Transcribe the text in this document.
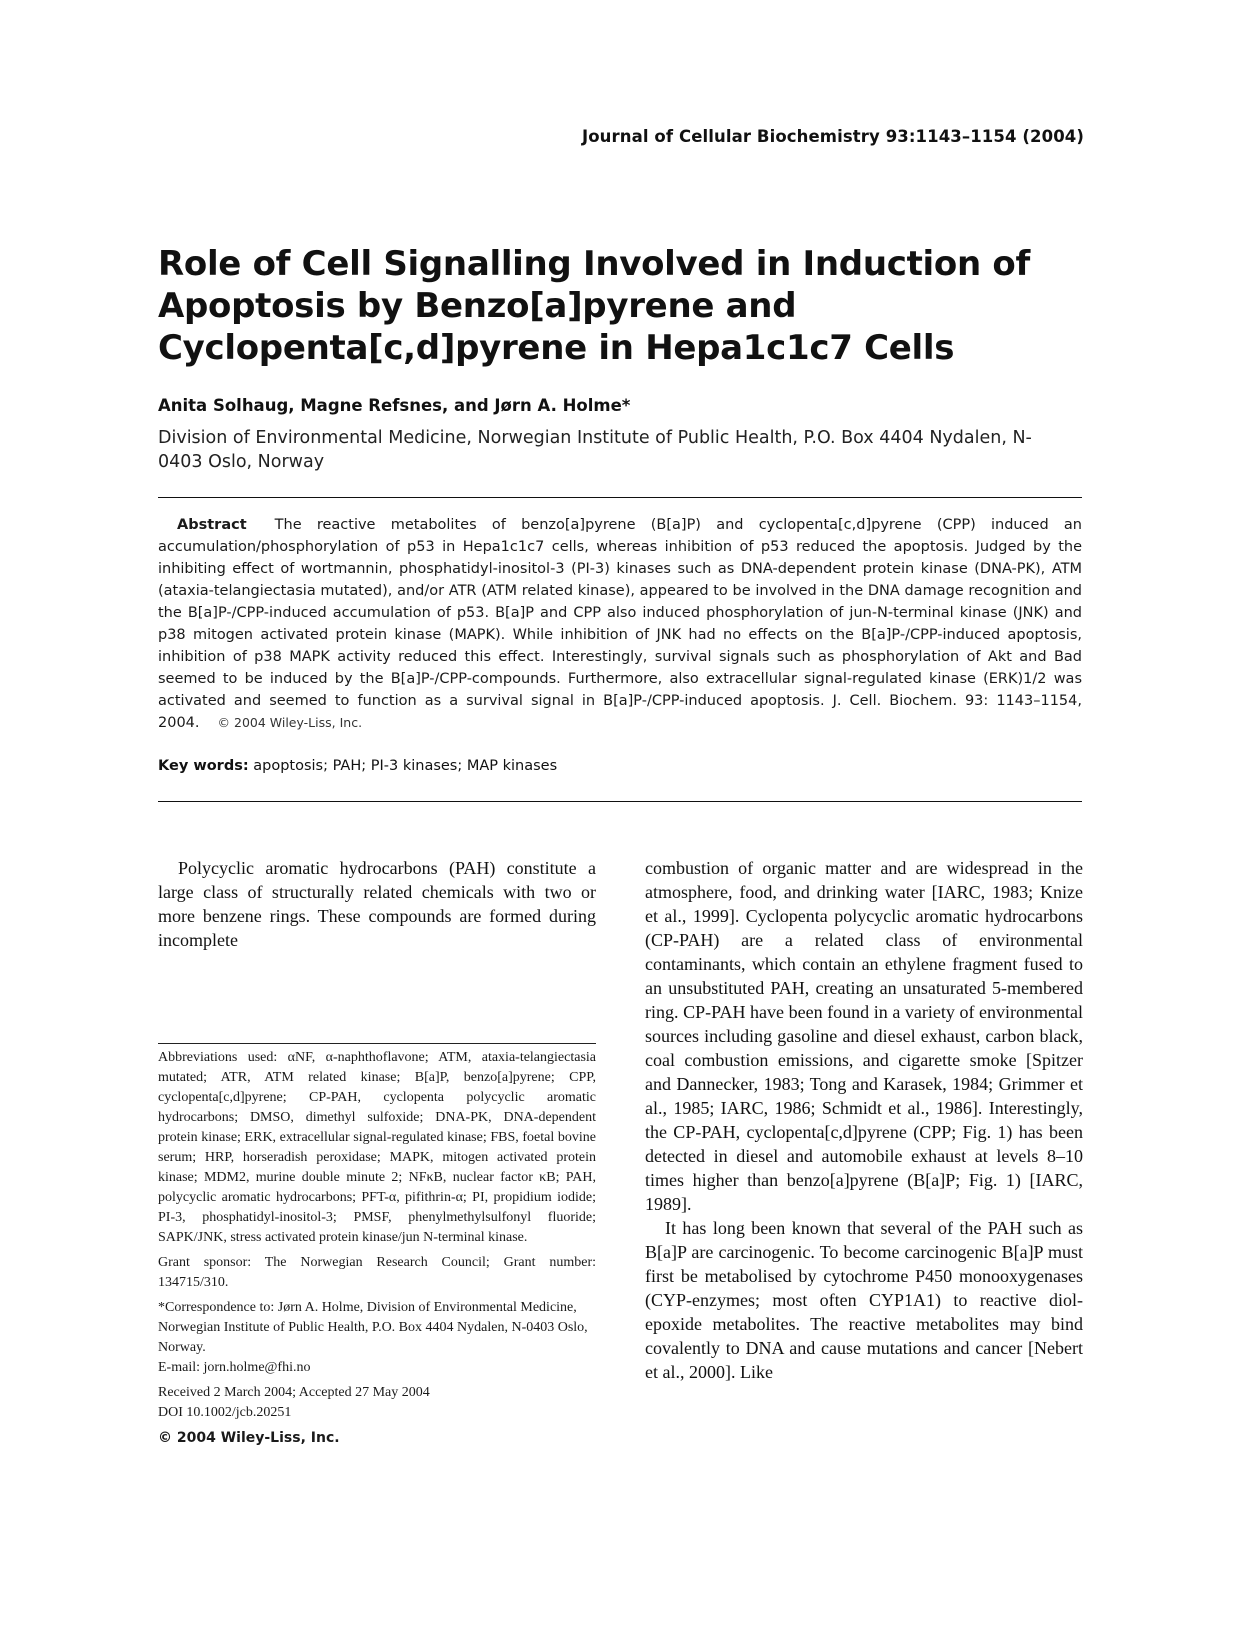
Journal of Cellular Biochemistry 93:1143–1154 (2004)
Role of Cell Signalling Involved in Induction of Apoptosis by Benzo[a]pyrene and Cyclopenta[c,d]pyrene in Hepa1c1c7 Cells
Anita Solhaug, Magne Refsnes, and Jørn A. Holme*
Division of Environmental Medicine, Norwegian Institute of Public Health, P.O. Box 4404 Nydalen, N-0403 Oslo, Norway
Abstract The reactive metabolites of benzo[a]pyrene (B[a]P) and cyclopenta[c,d]pyrene (CPP) induced an accumulation/phosphorylation of p53 in Hepa1c1c7 cells, whereas inhibition of p53 reduced the apoptosis. Judged by the inhibiting effect of wortmannin, phosphatidyl-inositol-3 (PI-3) kinases such as DNA-dependent protein kinase (DNA-PK), ATM (ataxia-telangiectasia mutated), and/or ATR (ATM related kinase), appeared to be involved in the DNA damage recognition and the B[a]P-/CPP-induced accumulation of p53. B[a]P and CPP also induced phosphorylation of jun-N-terminal kinase (JNK) and p38 mitogen activated protein kinase (MAPK). While inhibition of JNK had no effects on the B[a]P-/CPP-induced apoptosis, inhibition of p38 MAPK activity reduced this effect. Interestingly, survival signals such as phosphorylation of Akt and Bad seemed to be induced by the B[a]P-/CPP-compounds. Furthermore, also extracellular signal-regulated kinase (ERK)1/2 was activated and seemed to function as a survival signal in B[a]P-/CPP-induced apoptosis. J. Cell. Biochem. 93: 1143–1154, 2004. © 2004 Wiley-Liss, Inc.
Key words: apoptosis; PAH; PI-3 kinases; MAP kinases

Polycyclic aromatic hydrocarbons (PAH) constitute a large class of structurally related chemicals with two or more benzene rings. These compounds are formed during incomplete

Abbreviations used: αNF, α-naphthoflavone; ATM, ataxia-telangiectasia mutated; ATR, ATM related kinase; B[a]P, benzo[a]pyrene; CPP, cyclopenta[c,d]pyrene; CP-PAH, cyclopenta polycyclic aromatic hydrocarbons; DMSO, dimethyl sulfoxide; DNA-PK, DNA-dependent protein kinase; ERK, extracellular signal-regulated kinase; FBS, foetal bovine serum; HRP, horseradish peroxidase; MAPK, mitogen activated protein kinase; MDM2, murine double minute 2; NFκB, nuclear factor κB; PAH, polycyclic aromatic hydrocarbons; PFT-α, pifithrin-α; PI, propidium iodide; PI-3, phosphatidyl-inositol-3; PMSF, phenylmethylsulfonyl fluoride; SAPK/JNK, stress activated protein kinase/jun N-terminal kinase.

Grant sponsor: The Norwegian Research Council; Grant number: 134715/310.

*Correspondence to: Jørn A. Holme, Division of Environmental Medicine, Norwegian Institute of Public Health, P.O. Box 4404 Nydalen, N-0403 Oslo, Norway.
E-mail: jorn.holme@fhi.no

Received 2 March 2004; Accepted 27 May 2004
DOI 10.1002/jcb.20251

© 2004 Wiley-Liss, Inc.

combustion of organic matter and are widespread in the atmosphere, food, and drinking water [IARC, 1983; Knize et al., 1999]. Cyclopenta polycyclic aromatic hydrocarbons (CP-PAH) are a related class of environmental contaminants, which contain an ethylene fragment fused to an unsubstituted PAH, creating an unsaturated 5-membered ring. CP-PAH have been found in a variety of environmental sources including gasoline and diesel exhaust, carbon black, coal combustion emissions, and cigarette smoke [Spitzer and Dannecker, 1983; Tong and Karasek, 1984; Grimmer et al., 1985; IARC, 1986; Schmidt et al., 1986]. Interestingly, the CP-PAH, cyclopenta[c,d]pyrene (CPP; Fig. 1) has been detected in diesel and automobile exhaust at levels 8–10 times higher than benzo[a]pyrene (B[a]P; Fig. 1) [IARC, 1989].

It has long been known that several of the PAH such as B[a]P are carcinogenic. To become carcinogenic B[a]P must first be metabolised by cytochrome P450 monooxygenases (CYP-enzymes; most often CYP1A1) to reactive diol-epoxide metabolites. The reactive metabolites may bind covalently to DNA and cause mutations and cancer [Nebert et al., 2000]. Like
